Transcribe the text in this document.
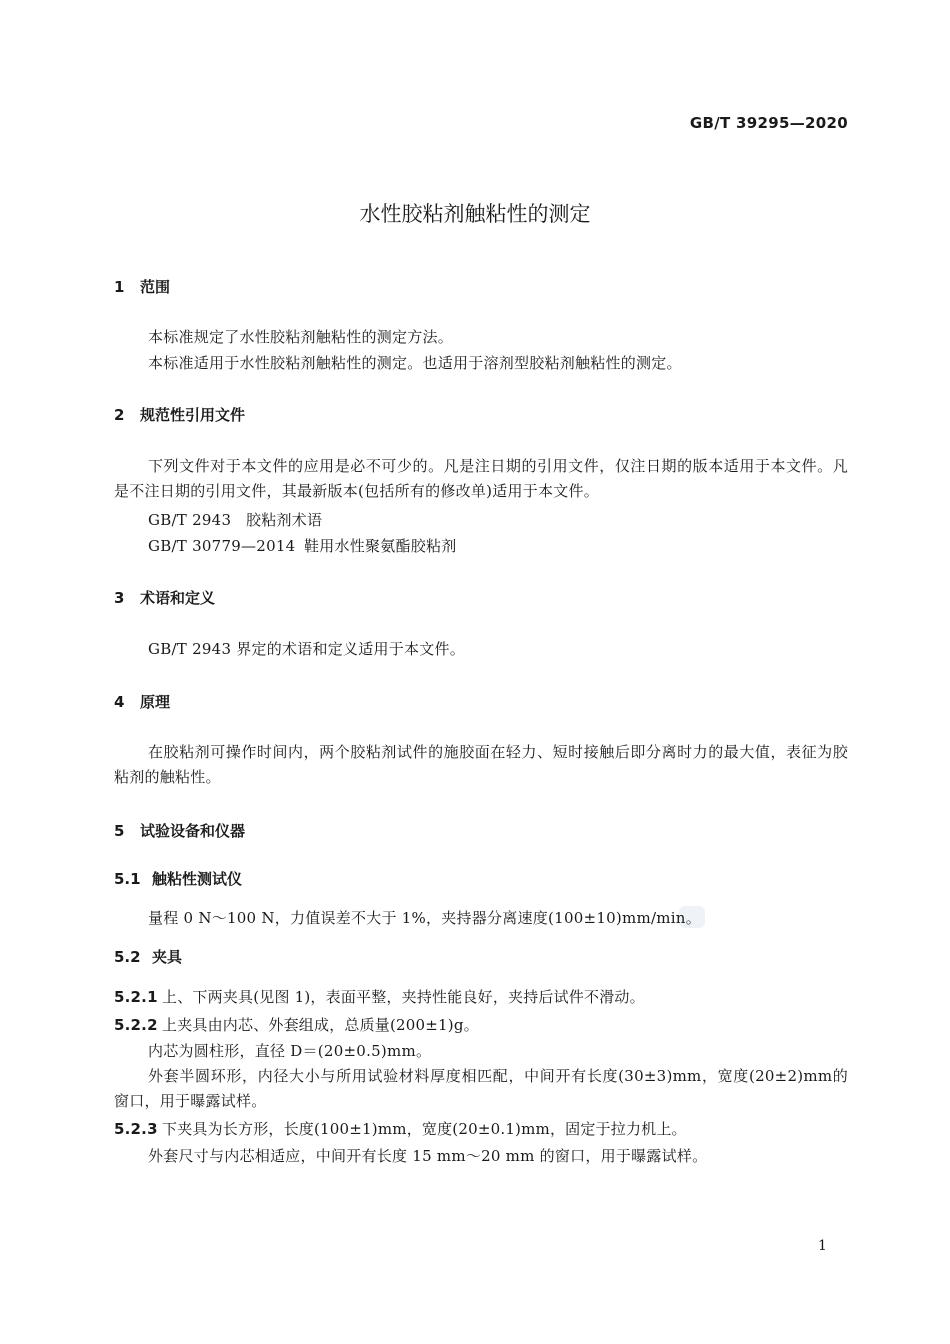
GB/T 39295—2020
水性胶粘剂触粘性的测定
1 范围
本标准规定了水性胶粘剂触粘性的测定方法。
本标准适用于水性胶粘剂触粘性的测定。也适用于溶剂型胶粘剂触粘性的测定。
2 规范性引用文件
下列文件对于本文件的应用是必不可少的。凡是注日期的引用文件，仅注日期的版本适用于本文件。凡是不注日期的引用文件，其最新版本(包括所有的修改单)适用于本文件。
GB/T 2943 胶粘剂术语
GB/T 30779—2014 鞋用水性聚氨酯胶粘剂
3 术语和定义
GB/T 2943 界定的术语和定义适用于本文件。
4 原理
在胶粘剂可操作时间内，两个胶粘剂试件的施胶面在轻力、短时接触后即分离时力的最大值，表征为胶粘剂的触粘性。
5 试验设备和仪器
5.1 触粘性测试仪
量程 0 N～100 N，力值误差不大于 1%，夹持器分离速度(100±10)mm/min。
5.2 夹具
5.2.1 上、下两夹具(见图 1)，表面平整，夹持性能良好，夹持后试件不滑动。
5.2.2 上夹具由内芯、外套组成，总质量(200±1)g。
内芯为圆柱形，直径 D＝(20±0.5)mm。
外套半圆环形，内径大小与所用试验材料厚度相匹配，中间开有长度(30±3)mm，宽度(20±2)mm的窗口，用于曝露试样。
5.2.3 下夹具为长方形，长度(100±1)mm，宽度(20±0.1)mm，固定于拉力机上。
外套尺寸与内芯相适应，中间开有长度 15 mm～20 mm 的窗口，用于曝露试样。
1
